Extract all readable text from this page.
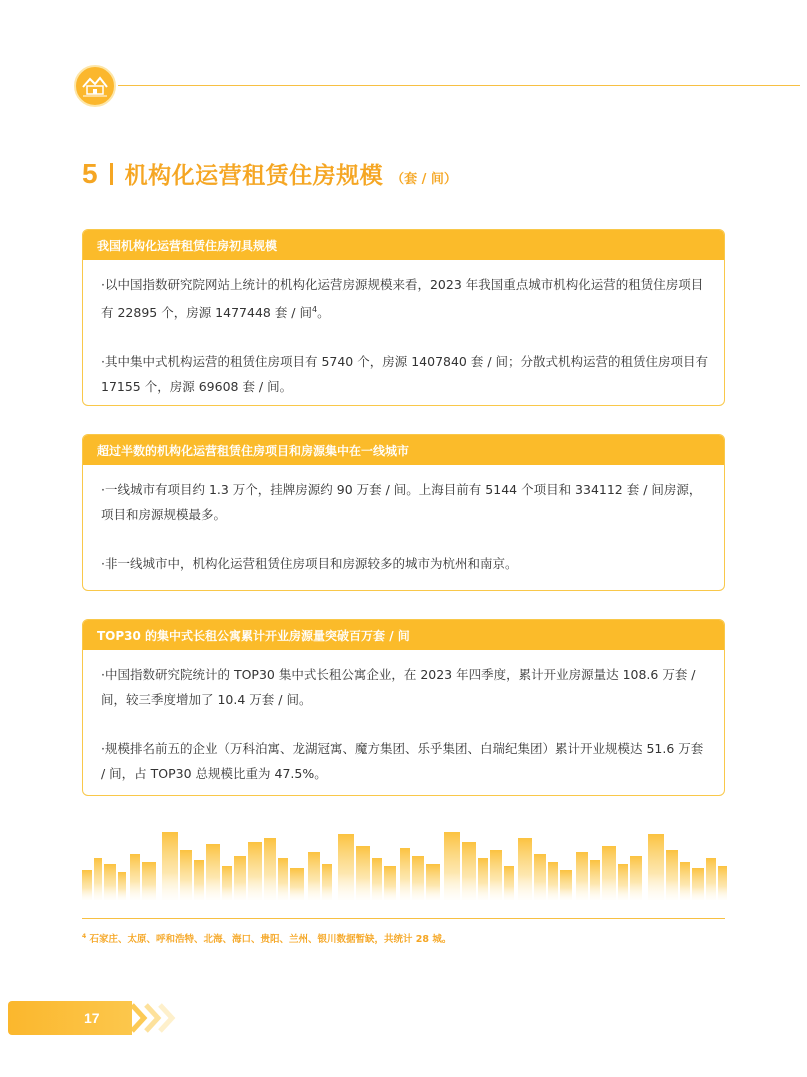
5 机构化运营租赁住房规模 （套 / 间）
我国机构化运营租赁住房初具规模

·以中国指数研究院网站上统计的机构化运营房源规模来看，2023 年我国重点城市机构化运营的租赁住房项目有 22895 个，房源 1477448 套 / 间$^4$。

·其中集中式机构运营的租赁住房项目有 5740 个，房源 1407840 套 / 间；分散式机构运营的租赁住房项目有 17155 个，房源 69608 套 / 间。

超过半数的机构化运营租赁住房项目和房源集中在一线城市

·一线城市有项目约 1.3 万个，挂牌房源约 90 万套 / 间。上海目前有 5144 个项目和 334112 套 / 间房源，项目和房源规模最多。

·非一线城市中，机构化运营租赁住房项目和房源较多的城市为杭州和南京。

TOP30 的集中式长租公寓累计开业房源量突破百万套 / 间

·中国指数研究院统计的 TOP30 集中式长租公寓企业，在 2023 年四季度，累计开业房源量达 108.6 万套 / 间，较三季度增加了 10.4 万套 / 间。

·规模排名前五的企业（万科泊寓、龙湖冠寓、魔方集团、乐乎集团、白瑞纪集团）累计开业规模达 51.6 万套 / 间，占 TOP30 总规模比重为 47.5%。

$^4$ 石家庄、太原、呼和浩特、北海、海口、贵阳、兰州、银川数据暂缺，共统计 28 城。
17
